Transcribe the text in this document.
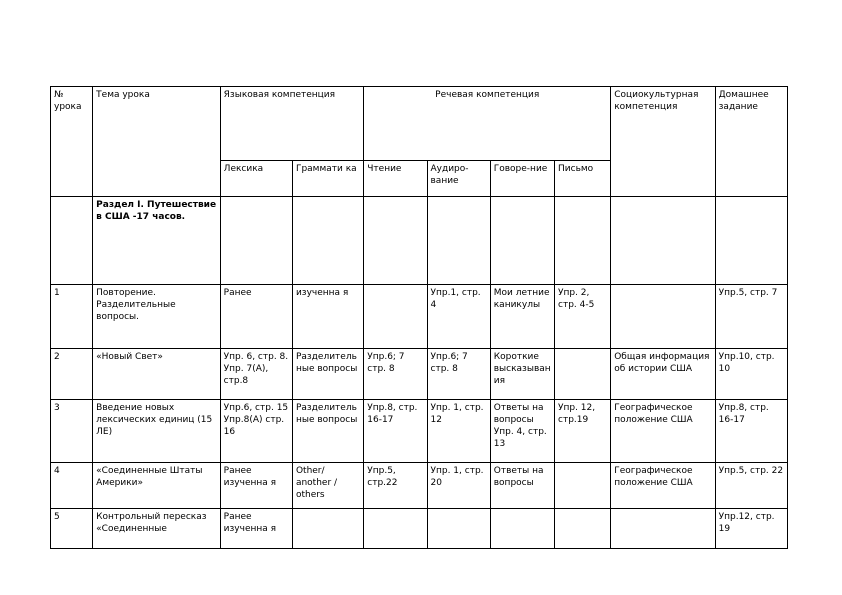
№ урока	Тема урока	Языковая компетенция		Речевая компетенция				Социокультурная компетенция	Домашнее задание
		Лексика	Граммати ка	Чтение	Аудиро-вание	Говоре-ние	Письмо		
	Раздел I. Путешествие в США -17 часов.								
1	Повторение. Разделительные вопросы.	Ранее	изученна я		Упр.1, стр. 4	Мои летние каникулы	Упр. 2, стр. 4-5		Упр.5, стр. 7
2	«Новый Свет»	Упр. 6, стр. 8. Упр. 7(А), стр.8	Разделительные вопросы	Упр.6; 7 стр. 8	Упр.6; 7 стр. 8	Короткие высказывания		Общая информация об истории США	Упр.10, стр. 10
3	Введение новых лексических единиц (15 ЛЕ)	Упр.6, стр. 15 Упр.8(А) стр. 16	Разделительные вопросы	Упр.8, стр. 16-17	Упр. 1, стр. 12	Ответы на вопросы Упр. 4, стр. 13	Упр. 12, стр.19	Географическое положение США	Упр.8, стр. 16-17
4	«Соединенные Штаты Америки»	Ранее изученна я	Other/ another / others	Упр.5, стр.22	Упр. 1, стр. 20	Ответы на вопросы		Географическое положение США	Упр.5, стр. 22
5	Контрольный пересказ «Соединенные	Ранее изученна я							Упр.12, стр. 19
